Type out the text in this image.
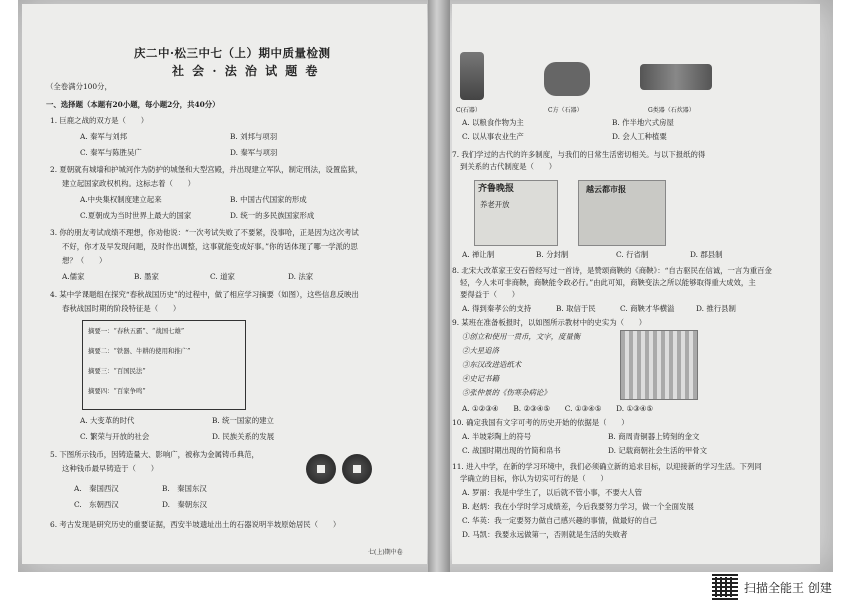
庆二中·松三中七（上）期中质量检测
社 会 · 法 治 试 题 卷
（全卷满分100分，
一、选择题（本题有20小题，每小题2分，共40分）
1. 巨鹿之战的双方是（　　）
A. 秦军与刘邦	B. 刘邦与项羽
C. 秦军与陈胜吴广	D. 秦军与项羽
2. 夏朝就有城墙和护城河作为防护的城堡和大型宫殿，并出现建立军队，制定刑法，设置监狱，
建立起国家政权机构。这标志着（　　）
A.中央集权制度建立起来	B. 中国古代国家的形成
C.夏朝成为当时世界上最大的国家	D. 统一的多民族国家形成
3. 你的朋友考试成绩不理想，你劝他说：“一次考试失败了不要紧，没事哈，正是因为这次考试
不好，你才及早发现问题，及时作出调整，这事就能变成好事。”你的话体现了哪一学派的思
想？（　　）
A.儒家	B. 墨家	C. 道家	D. 法家
4. 某中学课题组在探究“春秋战国历史”的过程中，做了相应学习摘要（如图），这些信息反映出
春秋战国时期的阶段特征是（　　）
摘要一：“春秋五霸”、“战国七雄”
摘要二：“铁器、牛耕的使用和推广”
摘要三：“百国民法”
摘要四：“百家争鸣”
A. 大变革的时代	B. 统一国家的建立
C. 繁荣与开放的社会	D. 民族关系的发展
5. 下图所示钱币，因铸造量大、影响广，被称为金属铸币典范，
这种钱币最早铸造于（　　）
A.　秦国西汉	B.　秦国东汉
C.　东朝西汉	D.　秦朝东汉
6. 考古发现是研究历史的重要证据，西安半坡遗址出土的石器说明半坡原始居民（　　）
C(石器）	C方（石器）	G类器（石炊器）
A. 以粮食作物为主	B. 作半地穴式房屋
C. 以从事农业生产	D. 会人工种植粟
7. 我们学过的古代的许多制度，与我们的日常生活密切相关。与以下报纸的得
到关系的古代制度是（　　）
齐鲁晚报
养老开放
越云都市报
A. 禅让制	B. 分封制	C. 行省制	D. 郡县制
8. 北宋大改革家王安石曾经写过一首诗，是赞颂商鞅的《商鞅》：“自古驱民在信诚，一言为重百金
轻，今人未可非商鞅，商鞅能令政必行。”由此可知，商鞅变法之所以能够取得重大成效，主
要得益于（　　）
A. 得到秦孝公的支持	B. 取信于民	C. 商鞅才华横溢	D. 推行县制
9. 某班在准备板报时，以如图所示教材中的史实为（　　）
①创立和使用一贯币，文字，度量衡
②大星追洛
③东汉改进造纸术
④史记书籍
⑤张仲景的《伤寒杂病论》
A. ①②③④　　B. ②③④⑤　　C. ①③④⑤　　D. ①③④⑤
10. 确定我国有文字可考的历史开始的依据是（　　）
A. 半坡彩陶上的符号	B. 商周青铜器上铸刻的金文
C. 战国时期出现的竹简和帛书	D. 记载商朝社会生活的甲骨文
11. 进入中学，在新的学习环境中，我们必须确立新的追求目标，以迎接新的学习生活。下列同
学确立的目标，你认为切实可行的是（　　）
A. 罗丽：我是中学生了，以后就不管小事，不要大人管
B. 赵炳：我在小学时学习成绩差，今后我要努力学习，做一个全面发展
C. 华英：我一定要努力做自己感兴趣的事情，做最好的自己
D. 马凯：我要永远做第一，否则就是生活的失败者
七(上)期中卷
扫描全能王 创建
